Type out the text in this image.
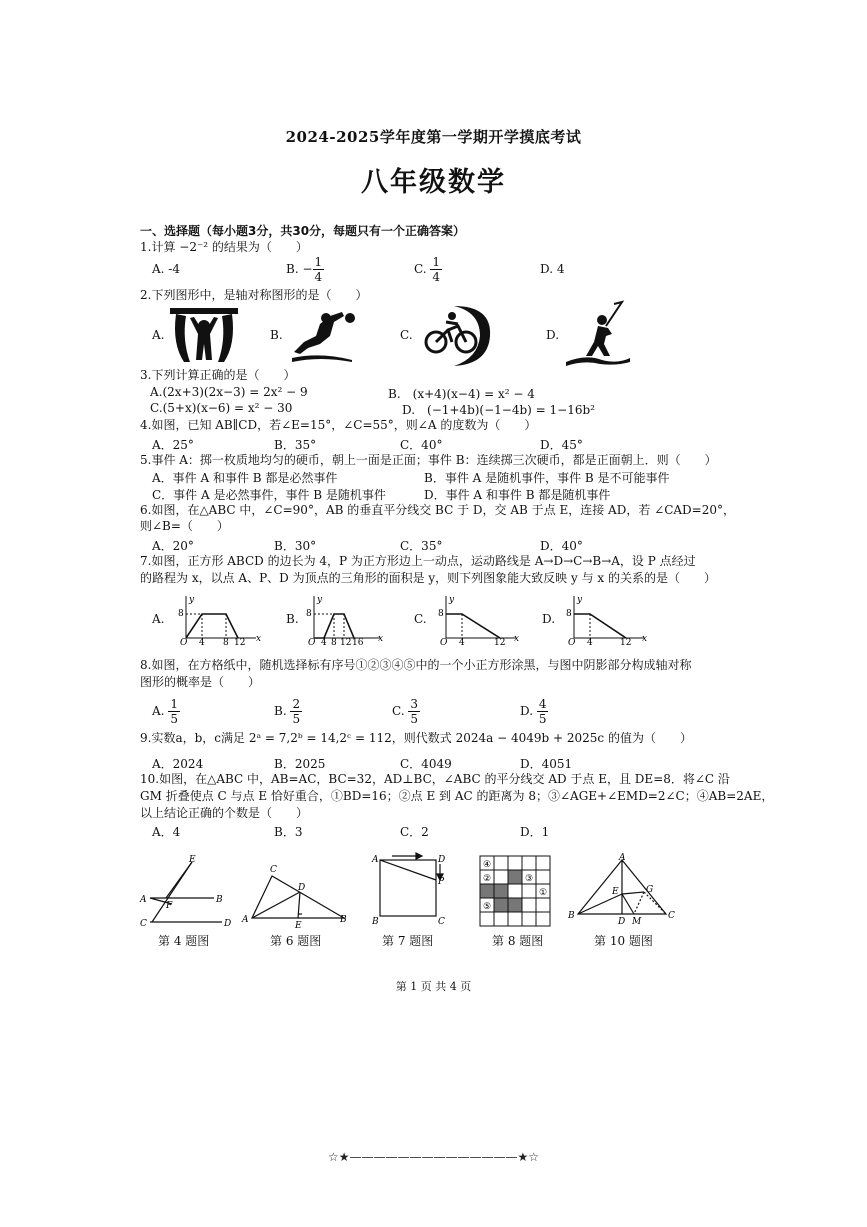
2024-2025学年度第一学期开学摸底考试
八年级数学
一、选择题（每小题3分，共30分，每题只有一个正确答案）
1.计算 −2⁻² 的结果为（　　）
A. -4	B. − $\frac{1}{4}$	C. $\frac{1}{4}$	D. 4
2.下列图形中，是轴对称图形的是（　　）
A.	B.	C.	D.
3.下列计算正确的是（　　）
A.(2x+3)(2x−3) = 2x² − 9	B.　(x+4)(x−4) = x² − 4
C.(5+x)(x−6) = x² − 30	D.　(−1+4b)(−1−4b) = 1−16b²
4.如图，已知 AB∥CD，若∠E=15°，∠C=55°，则∠A 的度数为（　　）
A．25°	B．35°	C．40°	D．45°
5.事件 A：掷一枚质地均匀的硬币，朝上一面是正面；事件 B：连续掷三次硬币，都是正面朝上．则（　　）
A．事件 A 和事件 B 都是必然事件	B．事件 A 是随机事件，事件 B 是不可能事件
C．事件 A 是必然事件，事件 B 是随机事件	D．事件 A 和事件 B 都是随机事件
6.如图，在△ABC 中，∠C=90°，AB 的垂直平分线交 BC 于 D，交 AB 于点 E，连接 AD，若 ∠CAD=20°，
则∠B=（　　）
A．20°	B．30°	C．35°	D．40°
7.如图，正方形 ABCD 的边长为 4，P 为正方形边上一动点，运动路线是 A→D→C→B→A，设 P 点经过
的路程为 x，以点 A、P、D 为顶点的三角形的面积是 y，则下列图象能大致反映 y 与 x 的关系的是（　　）
A.
y
x
O
8
4 8 12
B.
y
x
O
8
4 8 12 16
C.
y
x
O
8
4	12
D.
y
x
O
8
4	12
8.如图，在方格纸中，随机选择标有序号①②③④⑤中的一个小正方形涂黑，与图中阴影部分构成轴对称
图形的概率是（　　）
A. $\frac{1}{5}$	B. $\frac{2}{5}$	C. $\frac{3}{5}$	D. $\frac{4}{5}$
9.实数a，b，c满足 2ᵃ = 7,2ᵇ = 14,2ᶜ = 112，则代数式 2024a − 4049b + 2025c 的值为（　　）
A．2024	B．2025	C．4049	D．4051
10.如图，在△ABC 中，AB=AC，BC=32，AD⊥BC，∠ABC 的平分线交 AD 于点 E，且 DE=8．将∠C 沿
GM 折叠使点 C 与点 E 恰好重合，①BD=16；②点 E 到 AC 的距离为 8；③∠AGE+∠EMD=2∠C；④AB=2AE，
以上结论正确的个数是（　　）
A．4	B．3	C．2	D．1
E
A	B
F
C	D
第 4 题图
C
D
A
E
B
第 6 题图
A	D
P
B	C
第 7 题图
④
③
②
⑤
①
第 8 题图
A
E	G
B
D M
C
第 10 题图
第 1 页 共 4 页
☆★——————————————★☆
